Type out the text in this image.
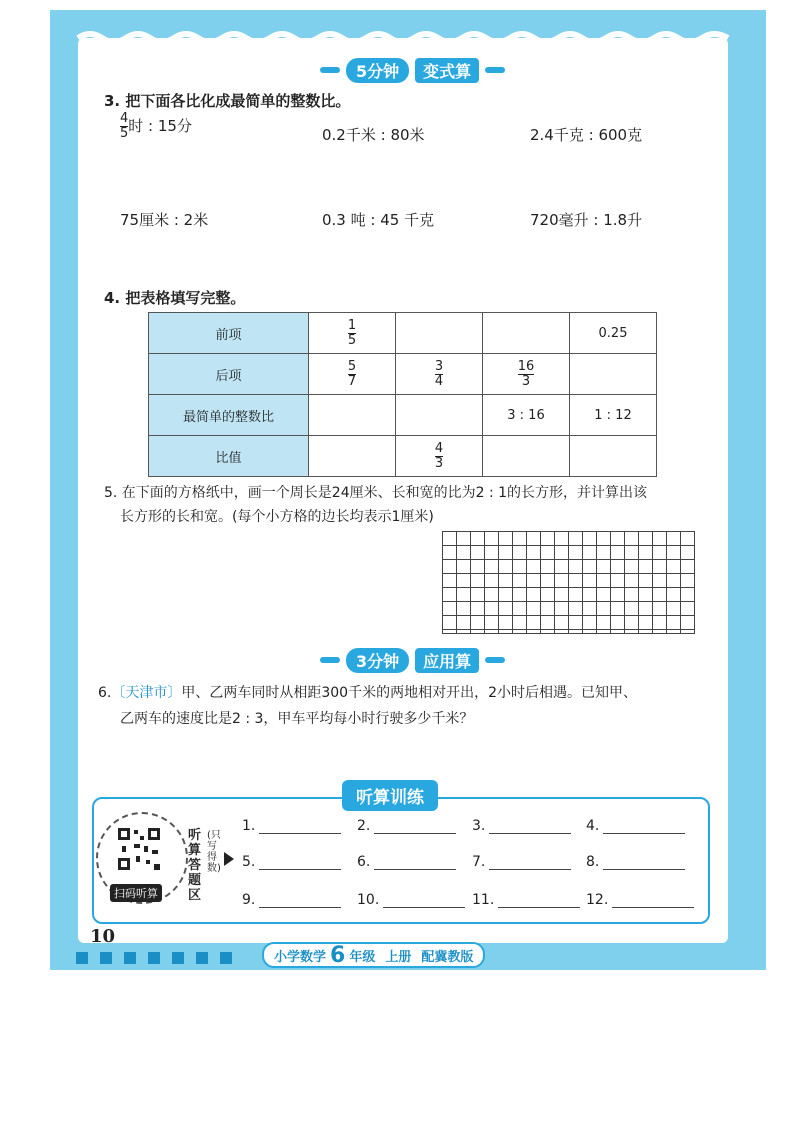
5分钟	变式算
3. 把下面各比化成最简单的整数比。
$\frac{4}{5}$ 时 : 15分	0.2千米 : 80米	2.4千克 : 600克
75厘米 : 2米	0.3 吨 : 45 千克	720毫升 : 1.8升
4. 把表格填写完整。
前项	$\frac{1}{5}$			0.25
后项	$\frac{5}{7}$	$\frac{3}{4}$	$\frac{16}{3}$

最简单的整数比			3 : 16	1 : 12
比值		$\frac{4}{3}$

5. 在下面的方格纸中，画一个周长是24厘米、长和宽的比为2 : 1的长方形，并计算出该
长方形的长和宽。(每个小方格的边长均表示1厘米)
3分钟	应用算
6.〔天津市〕甲、乙两车同时从相距300千米的两地相对开出，2小时后相遇。已知甲、
乙两车的速度比是2 : 3，甲车平均每小时行驶多少千米？
听算训练
扫码听算
听算答题区
(只写得数)
1.	2.	3.	4.
5.	6.	7.	8.
9.	10.	11.	12.
10
小学数学 6 年级 上册 配冀教版
